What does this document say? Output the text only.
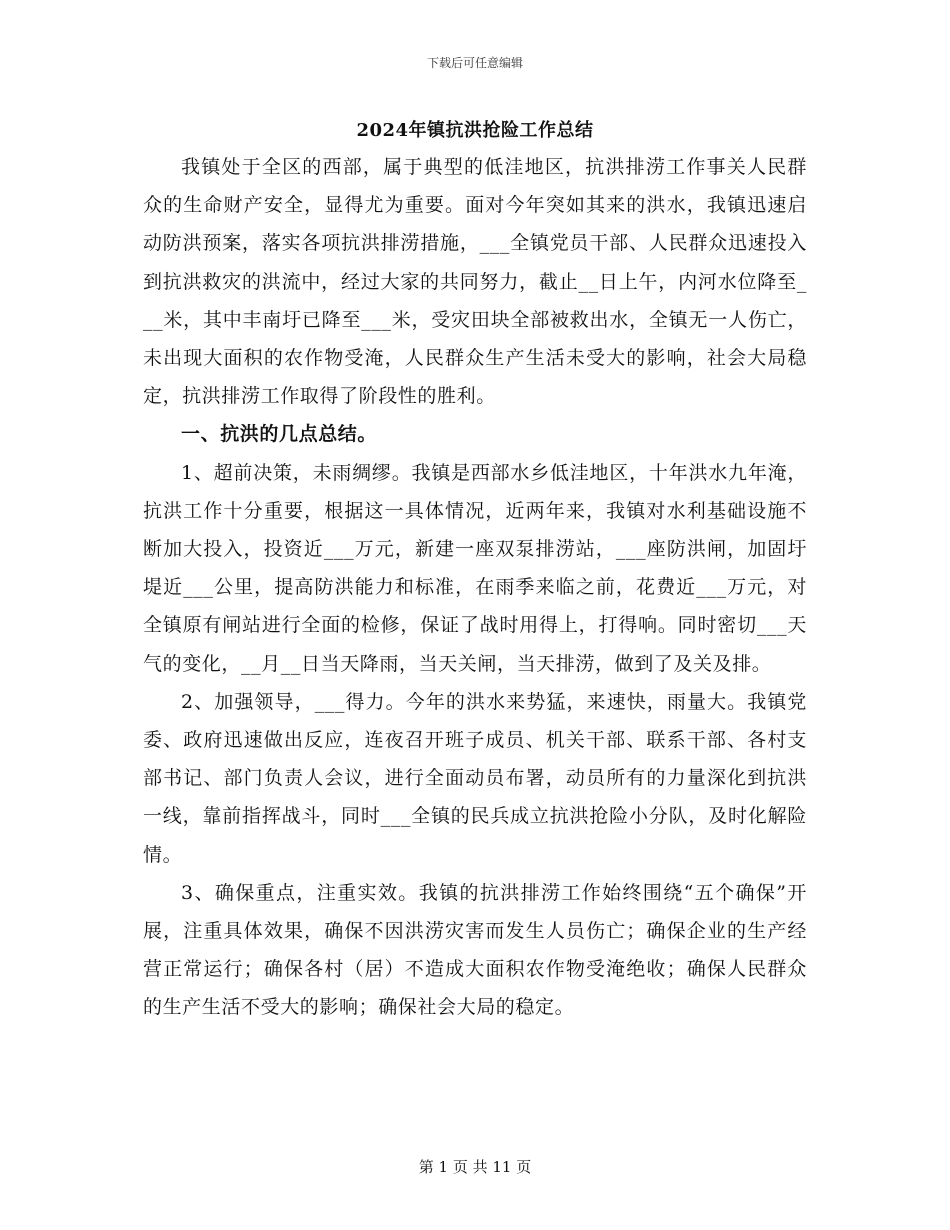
下载后可任意编辑
2024年镇抗洪抢险工作总结

我镇处于全区的西部，属于典型的低洼地区，抗洪排涝工作事关人民群众的生命财产安全，显得尤为重要。面对今年突如其来的洪水，我镇迅速启动防洪预案，落实各项抗洪排涝措施，___全镇党员干部、人民群众迅速投入到抗洪救灾的洪流中，经过大家的共同努力，截止__日上午，内河水位降至___米，其中丰南圩已降至___米，受灾田块全部被救出水，全镇无一人伤亡，未出现大面积的农作物受淹，人民群众生产生活未受大的影响，社会大局稳定，抗洪排涝工作取得了阶段性的胜利。

一、抗洪的几点总结。

1、超前决策，未雨绸缪。我镇是西部水乡低洼地区，十年洪水九年淹，抗洪工作十分重要，根据这一具体情况，近两年来，我镇对水利基础设施不断加大投入，投资近___万元，新建一座双泵排涝站，___座防洪闸，加固圩堤近___公里，提高防洪能力和标准，在雨季来临之前，花费近___万元，对全镇原有闸站进行全面的检修，保证了战时用得上，打得响。同时密切___天气的变化，__月__日当天降雨，当天关闸，当天排涝，做到了及关及排。

2、加强领导，___得力。今年的洪水来势猛，来速快，雨量大。我镇党委、政府迅速做出反应，连夜召开班子成员、机关干部、联系干部、各村支部书记、部门负责人会议，进行全面动员布署，动员所有的力量深化到抗洪一线，靠前指挥战斗，同时___全镇的民兵成立抗洪抢险小分队，及时化解险情。

3、确保重点，注重实效。我镇的抗洪排涝工作始终围绕“五个确保”开展，注重具体效果，确保不因洪涝灾害而发生人员伤亡；确保企业的生产经营正常运行；确保各村（居）不造成大面积农作物受淹绝收；确保人民群众的生产生活不受大的影响；确保社会大局的稳定。

第 1 页 共 11 页
